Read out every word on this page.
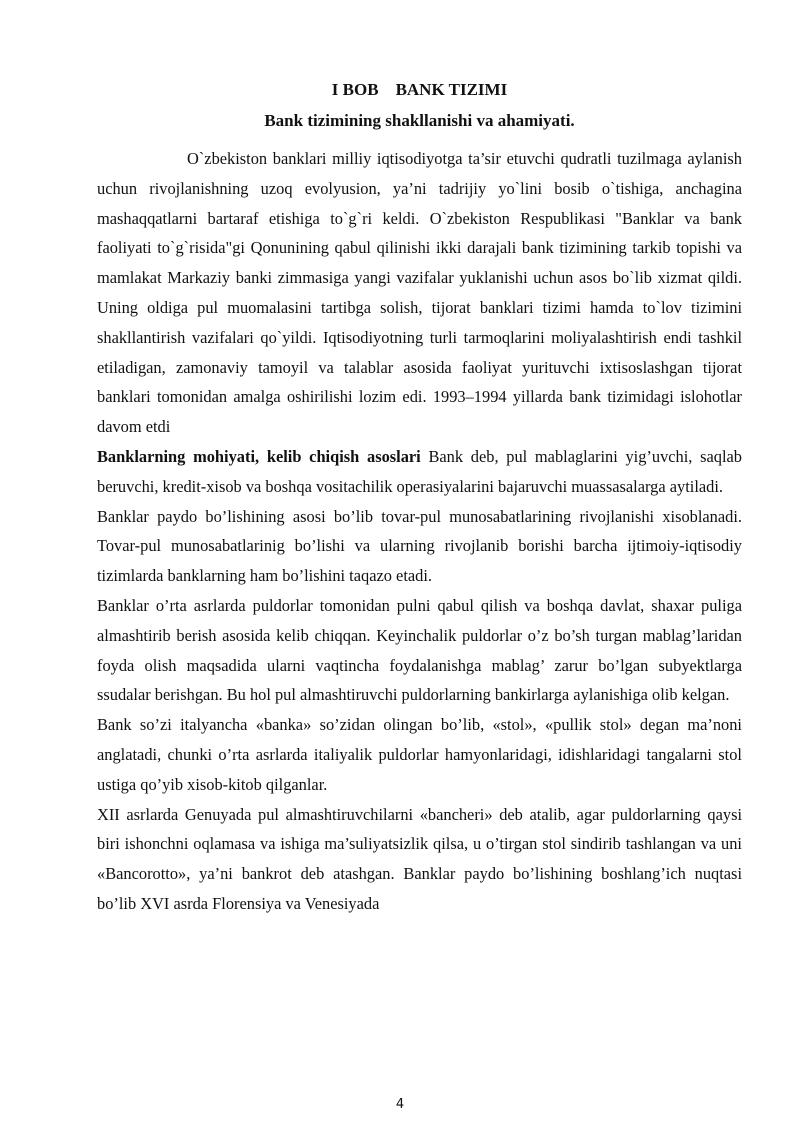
I BOB    BANK TIZIMI
Bank tizimining shakllanishi va ahamiyati.

O`zbekiston banklari milliy iqtisodiyotga ta’sir etuvchi qudratli tuzilmaga aylanish uchun rivojlanishning uzoq evolyusion, ya’ni tadrijiy yo`lini bosib o`tishiga, anchagina mashaqqatlarni bartaraf etishiga to`g`ri keldi. O`zbekiston Respublikasi "Banklar va bank faoliyati to`g`risida"gi Qonunining qabul qilinishi ikki darajali bank tizimining tarkib topishi va mamlakat Markaziy banki zimmasiga yangi vazifalar yuklanishi uchun asos bo`lib xizmat qildi. Uning oldiga pul muomalasini tartibga solish, tijorat banklari tizimi hamda to`lov tizimini shakllantirish vazifalari qo`yildi. Iqtisodiyotning turli tarmoqlarini moliyalashtirish endi tashkil etiladigan, zamonaviy tamoyil va talablar asosida faoliyat yurituvchi ixtisoslashgan tijorat banklari tomonidan amalga oshirilishi lozim edi. 1993–1994 yillarda bank tizimidagi islohotlar davom etdi

Banklarning mohiyati, kelib chiqish asoslari Bank deb, pul mablaglarini yig’uvchi, saqlab beruvchi, kredit-xisob va boshqa vositachilik operasiyalarini bajaruvchi muassasalarga aytiladi.

Banklar paydo bo’lishining asosi bo’lib tovar-pul munosabatlarining rivojlanishi xisoblanadi. Tovar-pul munosabatlarinig bo’lishi va ularning rivojlanib borishi barcha ijtimoiy-iqtisodiy tizimlarda banklarning ham bo’lishini taqazo etadi.

Banklar o’rta asrlarda puldorlar tomonidan pulni qabul qilish va boshqa davlat, shaxar puliga almashtirib berish asosida kelib chiqqan. Keyinchalik puldorlar o’z bo’sh turgan mablag’laridan foyda olish maqsadida ularni vaqtincha foydalanishga mablag’ zarur bo’lgan subyektlarga ssudalar berishgan. Bu hol pul almashtiruvchi puldorlarning bankirlarga aylanishiga olib kelgan.

Bank so’zi italyancha «banka» so’zidan olingan bo’lib, «stol», «pullik stol» degan ma’noni anglatadi, chunki o’rta asrlarda italiyalik puldorlar hamyonlaridagi, idishlaridagi tangalarni stol ustiga qo’yib xisob-kitob qilganlar.

XII asrlarda Genuyada pul almashtiruvchilarni «bancheri» deb atalib, agar puldorlarning qaysi biri ishonchni oqlamasa va ishiga ma’suliyatsizlik qilsa, u o’tirgan stol sindirib tashlangan va uni «Bancorotto», ya’ni bankrot deb atashgan. Banklar paydo bo’lishining boshlang’ich nuqtasi bo’lib XVI asrda Florensiya va Venesiyada

4
